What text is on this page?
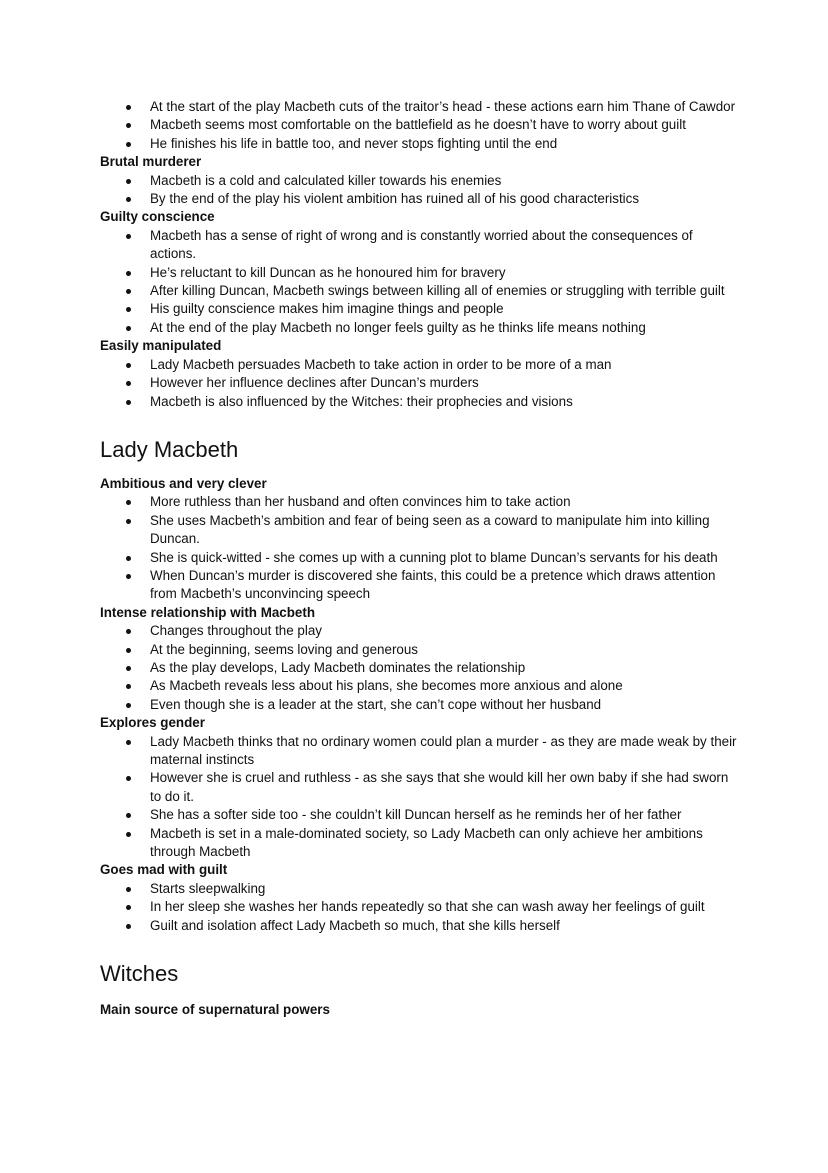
At the start of the play Macbeth cuts of the traitor’s head - these actions earn him Thane of Cawdor
Macbeth seems most comfortable on the battlefield as he doesn’t have to worry about guilt
He finishes his life in battle too, and never stops fighting until the end

Brutal murderer

Macbeth is a cold and calculated killer towards his enemies
By the end of the play his violent ambition has ruined all of his good characteristics

Guilty conscience

Macbeth has a sense of right of wrong and is constantly worried about the consequences of actions.
He’s reluctant to kill Duncan as he honoured him for bravery
After killing Duncan, Macbeth swings between killing all of enemies or struggling with terrible guilt
His guilty conscience makes him imagine things and people
At the end of the play Macbeth no longer feels guilty as he thinks life means nothing

Easily manipulated

Lady Macbeth persuades Macbeth to take action in order to be more of a man
However her influence declines after Duncan’s murders
Macbeth is also influenced by the Witches: their prophecies and visions
Lady Macbeth

Ambitious and very clever

More ruthless than her husband and often convinces him to take action
She uses Macbeth’s ambition and fear of being seen as a coward to manipulate him into killing Duncan.
She is quick-witted - she comes up with a cunning plot to blame Duncan’s servants for his death
When Duncan’s murder is discovered she faints, this could be a pretence which draws attention from Macbeth’s unconvincing speech

Intense relationship with Macbeth

Changes throughout the play
At the beginning, seems loving and generous
As the play develops, Lady Macbeth dominates the relationship
As Macbeth reveals less about his plans, she becomes more anxious and alone
Even though she is a leader at the start, she can’t cope without her husband

Explores gender

Lady Macbeth thinks that no ordinary women could plan a murder - as they are made weak by their maternal instincts
However she is cruel and ruthless - as she says that she would kill her own baby if she had sworn to do it.
She has a softer side too - she couldn’t kill Duncan herself as he reminds her of her father
Macbeth is set in a male-dominated society, so Lady Macbeth can only achieve her ambitions through Macbeth

Goes mad with guilt

Starts sleepwalking
In her sleep she washes her hands repeatedly so that she can wash away her feelings of guilt
Guilt and isolation affect Lady Macbeth so much, that she kills herself
Witches

Main source of supernatural powers
